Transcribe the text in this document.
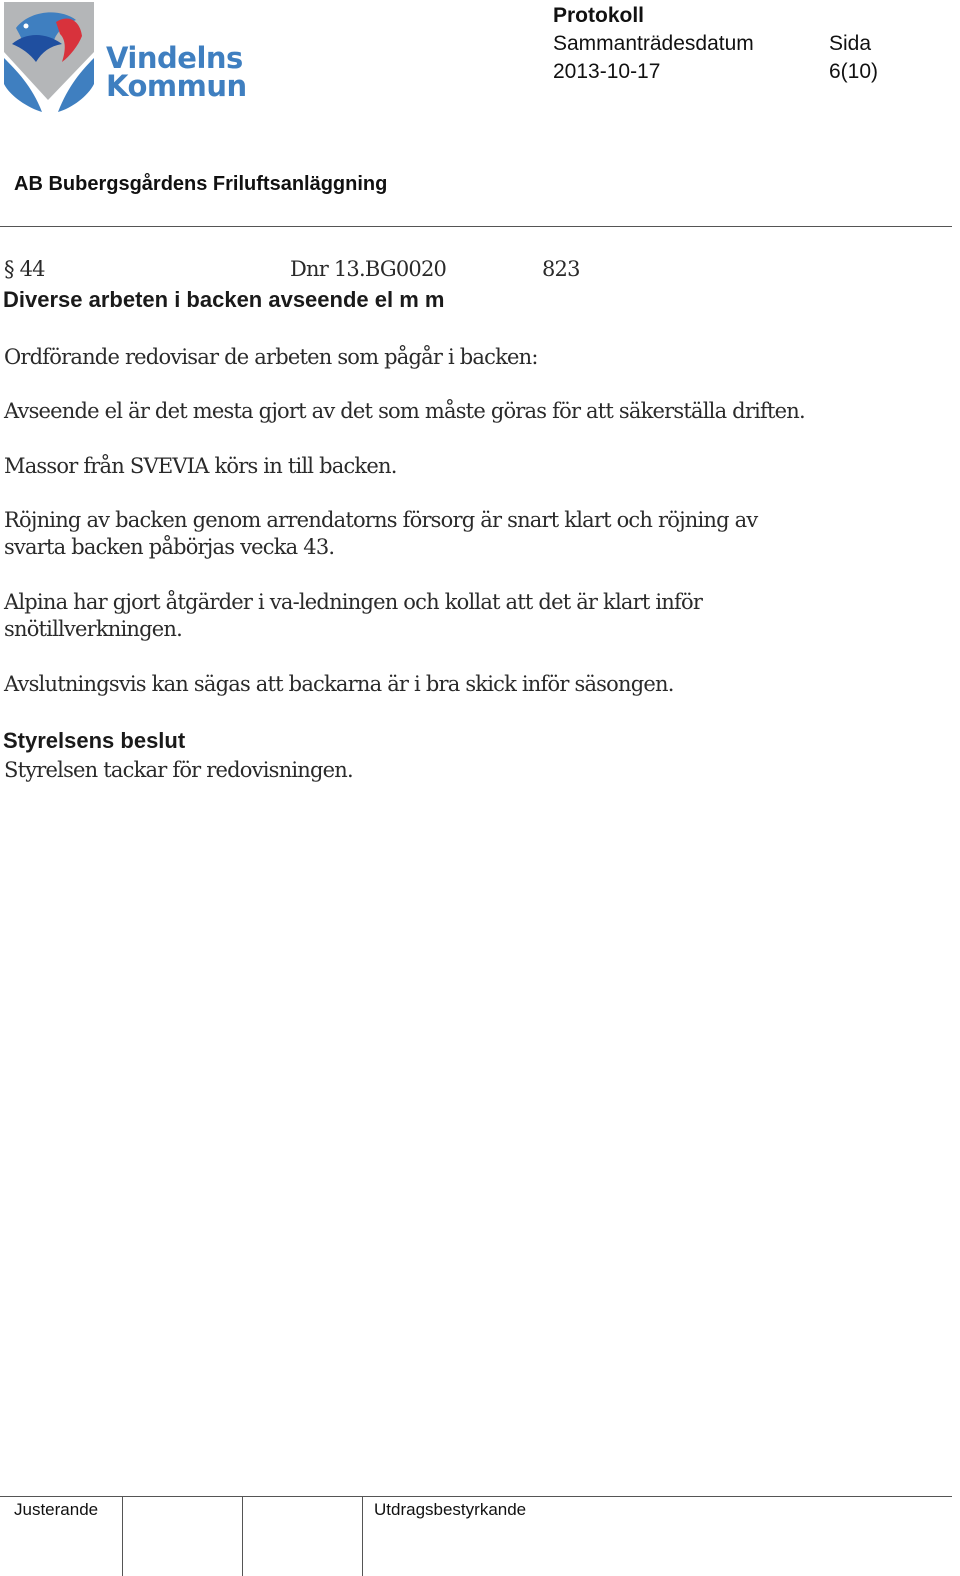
Vindelns
Kommun
Protokoll
Sammanträdesdatum	Sida
2013-10-17	6(10)
AB Bubergsgårdens Friluftsanläggning
§ 44	Dnr 13.BG0020	823
Diverse arbeten i backen avseende el m m
Ordförande redovisar de arbeten som pågår i backen:
Avseende el är det mesta gjort av det som måste göras för att säkerställa driften.
Massor från SVEVIA körs in till backen.
Röjning av backen genom arrendatorns försorg är snart klart och röjning av
svarta backen påbörjas vecka 43.
Alpina har gjort åtgärder i va-ledningen och kollat att det är klart inför
snötillverkningen.
Avslutningsvis kan sägas att backarna är i bra skick inför säsongen.
Styrelsens beslut
Styrelsen tackar för redovisningen.
Justerande	Utdragsbestyrkande
